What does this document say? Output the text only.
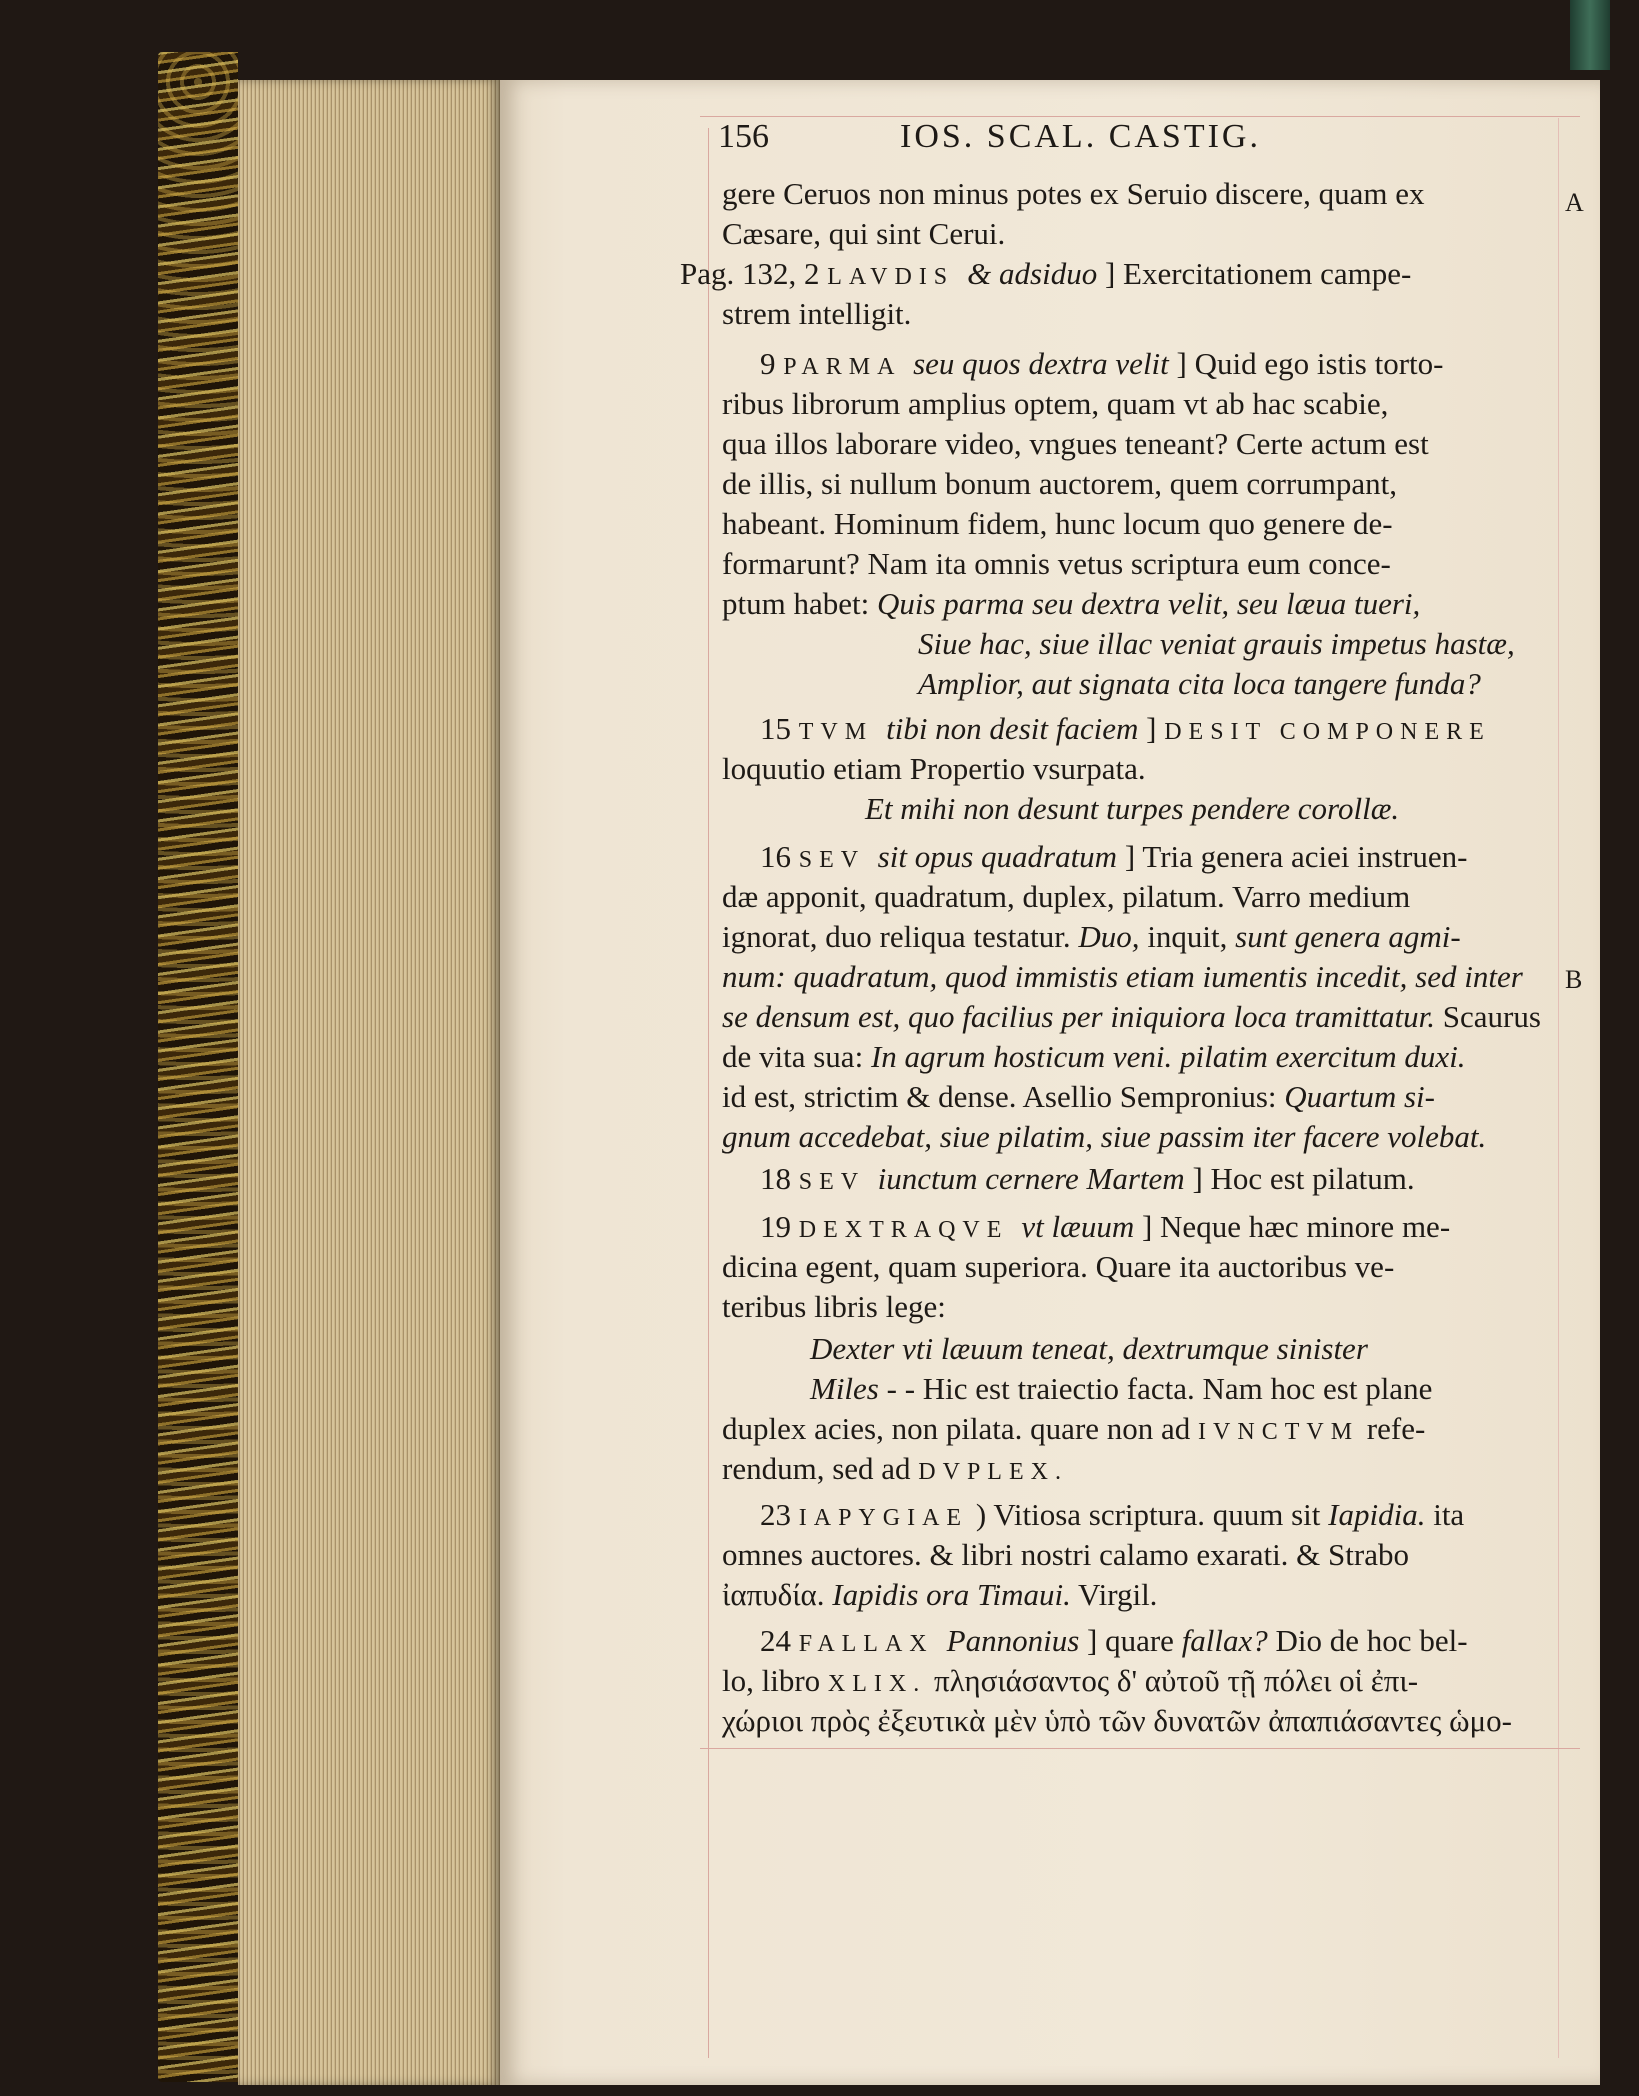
156	IOS. SCAL. CASTIG.
A
B
gere Ceruos non minus potes ex Seruio discere, quam ex
Cæsare, qui sint Cerui.
Pag. 132, 2 LAVDIS & adsiduo ] Exercitationem campe-
strem intelligit.
9 PARMA seu quos dextra velit ] Quid ego istis torto-
ribus librorum amplius optem, quam vt ab hac scabie,
qua illos laborare video, vngues teneant? Certe actum est
de illis, si nullum bonum auctorem, quem corrumpant,
habeant. Hominum fidem, hunc locum quo genere de-
formarunt? Nam ita omnis vetus scriptura eum conce-
ptum habet: Quis parma seu dextra velit, seu læua tueri,
Siue hac, siue illac veniat grauis impetus hastæ,
Amplior, aut signata cita loca tangere funda?
15 TVM tibi non desit faciem ] DESIT COMPONERE
loquutio etiam Propertio vsurpata.
Et mihi non desunt turpes pendere corollæ.
16 SEV sit opus quadratum ] Tria genera aciei instruen-
dæ apponit, quadratum, duplex, pilatum. Varro medium
ignorat, duo reliqua testatur. Duo, inquit, sunt genera agmi-
num: quadratum, quod immistis etiam iumentis incedit, sed inter
se densum est, quo facilius per iniquiora loca tramittatur. Scaurus
de vita sua: In agrum hosticum veni. pilatim exercitum duxi.
id est, strictim & dense. Asellio Sempronius: Quartum si-
gnum accedebat, siue pilatim, siue passim iter facere volebat.
18 SEV iunctum cernere Martem ] Hoc est pilatum.
19 DEXTRAQVE vt læuum ] Neque hæc minore me-
dicina egent, quam superiora. Quare ita auctoribus ve-
teribus libris lege:
Dexter vti læuum teneat, dextrumque sinister
Miles - - Hic est traiectio facta. Nam hoc est plane
duplex acies, non pilata. quare non ad IVNCTVM refe-
rendum, sed ad DVPLEX.
23 IAPYGIAE ) Vitiosa scriptura. quum sit Iapidia. ita
omnes auctores. & libri nostri calamo exarati. & Strabo
ἰαπυδία. Iapidis ora Timaui. Virgil.
24 FALLAX Pannonius ] quare fallax? Dio de hoc bel-
lo, libro XLIX. πλησιάσαντος δ' αὐτοῦ τῇ πόλει οἱ ἐπι-
χώριοι πρὸς ἐξευτικὰ μὲν ὑπὸ τῶν δυνατῶν ἀπαπιάσαντες ὡμο-
